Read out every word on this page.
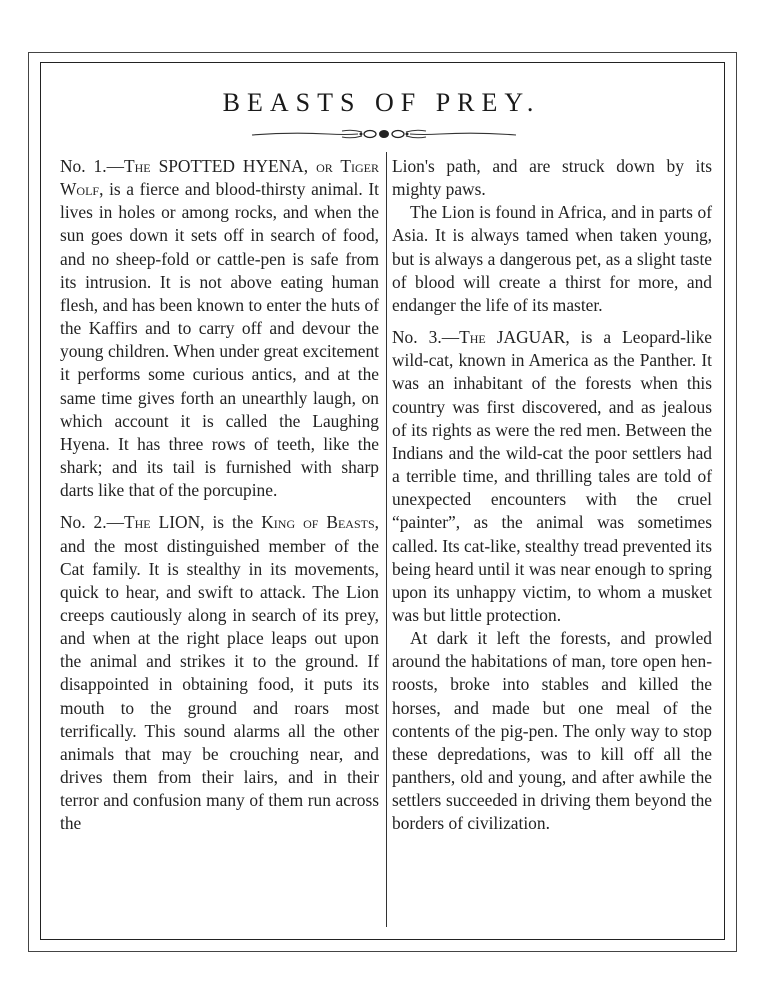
BEASTS OF PREY.

No. 1.—The SPOTTED HYENA, or Tiger Wolf, is a fierce and blood-thirsty animal. It lives in holes or among rocks, and when the sun goes down it sets off in search of food, and no sheep-fold or cattle-pen is safe from its intrusion. It is not above eating human flesh, and has been known to enter the huts of the Kaffirs and to carry off and devour the young children. When under great excitement it performs some curious antics, and at the same time gives forth an unearthly laugh, on which account it is called the Laughing Hyena. It has three rows of teeth, like the shark; and its tail is furnished with sharp darts like that of the porcupine.

No. 2.—The LION, is the King of Beasts, and the most distinguished member of the Cat family. It is stealthy in its movements, quick to hear, and swift to attack. The Lion creeps cautiously along in search of its prey, and when at the right place leaps out upon the animal and strikes it to the ground. If disappointed in obtaining food, it puts its mouth to the ground and roars most terrifically. This sound alarms all the other animals that may be crouching near, and drives them from their lairs, and in their terror and confusion many of them run across the

Lion's path, and are struck down by its mighty paws.

The Lion is found in Africa, and in parts of Asia. It is always tamed when taken young, but is always a dangerous pet, as a slight taste of blood will create a thirst for more, and endanger the life of its master.

No. 3.—The JAGUAR, is a Leopard-like wild-cat, known in America as the Panther. It was an inhabitant of the forests when this country was first discovered, and as jealous of its rights as were the red men. Between the Indians and the wild-cat the poor settlers had a terrible time, and thrilling tales are told of unexpected encounters with the cruel “painter”, as the animal was sometimes called. Its cat-like, stealthy tread prevented its being heard until it was near enough to spring upon its unhappy victim, to whom a musket was but little protection.

At dark it left the forests, and prowled around the habitations of man, tore open hen-roosts, broke into stables and killed the horses, and made but one meal of the contents of the pig-pen. The only way to stop these depredations, was to kill off all the panthers, old and young, and after awhile the settlers succeeded in driving them beyond the borders of civilization.
